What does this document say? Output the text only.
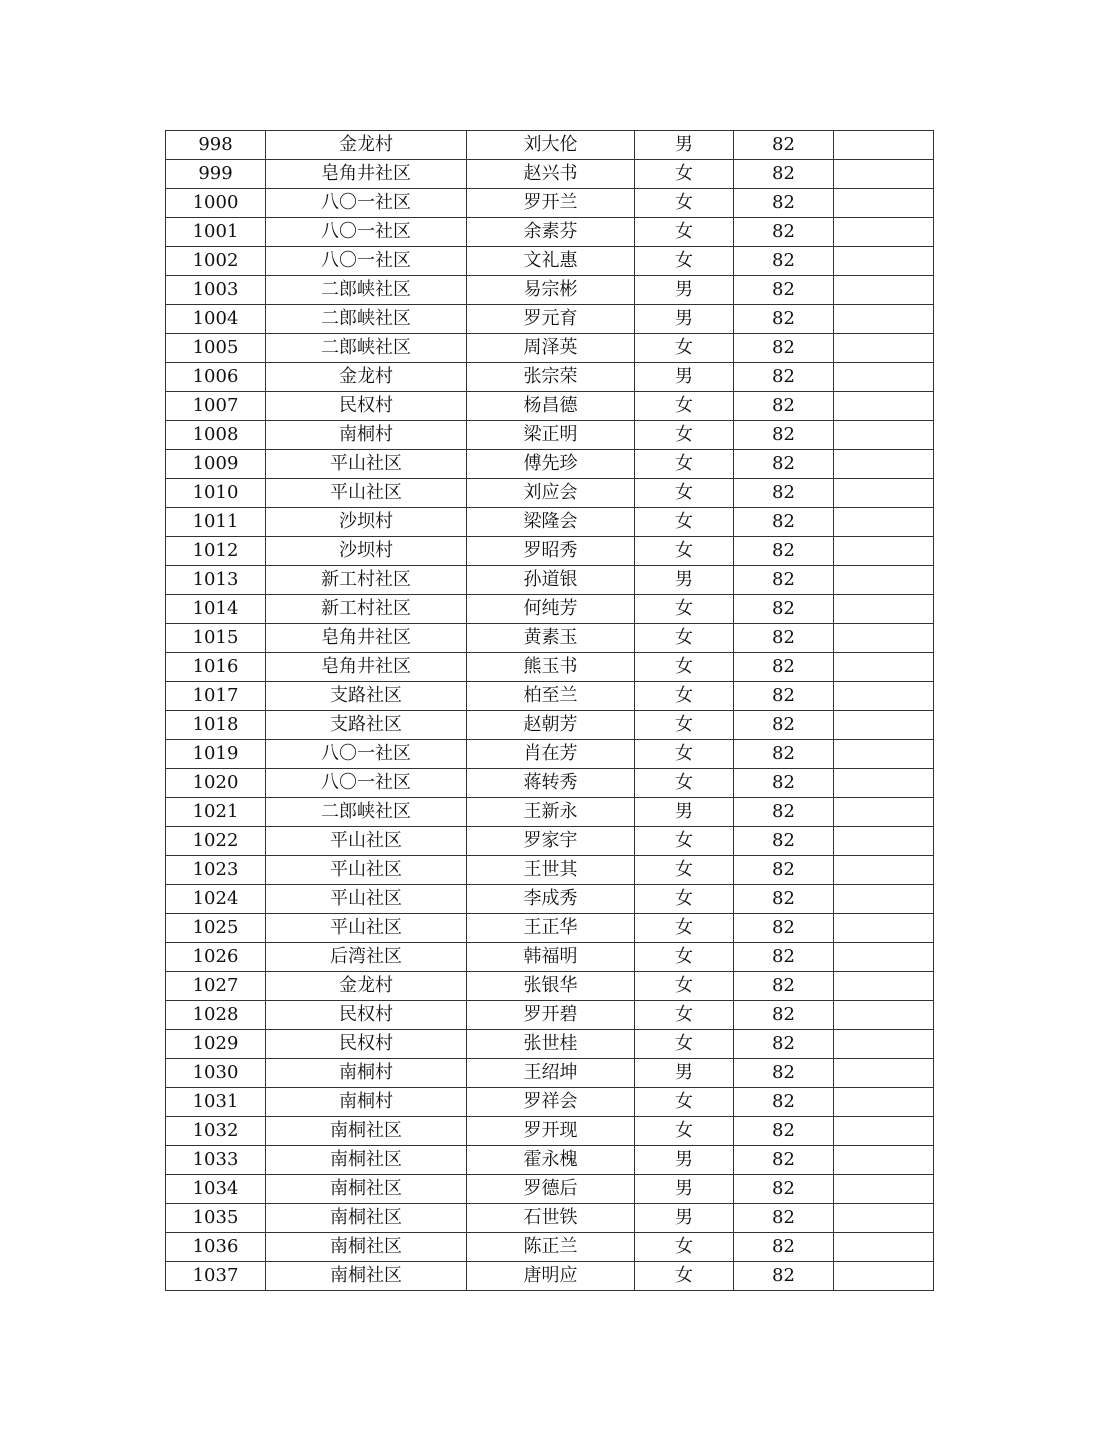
998	金龙村	刘大伦	男	82	
999	皂角井社区	赵兴书	女	82	
1000	八〇一社区	罗开兰	女	82	
1001	八〇一社区	余素芬	女	82	
1002	八〇一社区	文礼惠	女	82	
1003	二郎峡社区	易宗彬	男	82	
1004	二郎峡社区	罗元育	男	82	
1005	二郎峡社区	周泽英	女	82	
1006	金龙村	张宗荣	男	82	
1007	民权村	杨昌德	女	82	
1008	南桐村	梁正明	女	82	
1009	平山社区	傅先珍	女	82	
1010	平山社区	刘应会	女	82	
1011	沙坝村	梁隆会	女	82	
1012	沙坝村	罗昭秀	女	82	
1013	新工村社区	孙道银	男	82	
1014	新工村社区	何纯芳	女	82	
1015	皂角井社区	黄素玉	女	82	
1016	皂角井社区	熊玉书	女	82	
1017	支路社区	柏至兰	女	82	
1018	支路社区	赵朝芳	女	82	
1019	八〇一社区	肖在芳	女	82	
1020	八〇一社区	蒋转秀	女	82	
1021	二郎峡社区	王新永	男	82	
1022	平山社区	罗家宇	女	82	
1023	平山社区	王世其	女	82	
1024	平山社区	李成秀	女	82	
1025	平山社区	王正华	女	82	
1026	后湾社区	韩福明	女	82	
1027	金龙村	张银华	女	82	
1028	民权村	罗开碧	女	82	
1029	民权村	张世桂	女	82	
1030	南桐村	王绍坤	男	82	
1031	南桐村	罗祥会	女	82	
1032	南桐社区	罗开现	女	82	
1033	南桐社区	霍永槐	男	82	
1034	南桐社区	罗德后	男	82	
1035	南桐社区	石世铁	男	82	
1036	南桐社区	陈正兰	女	82	
1037	南桐社区	唐明应	女	82	
